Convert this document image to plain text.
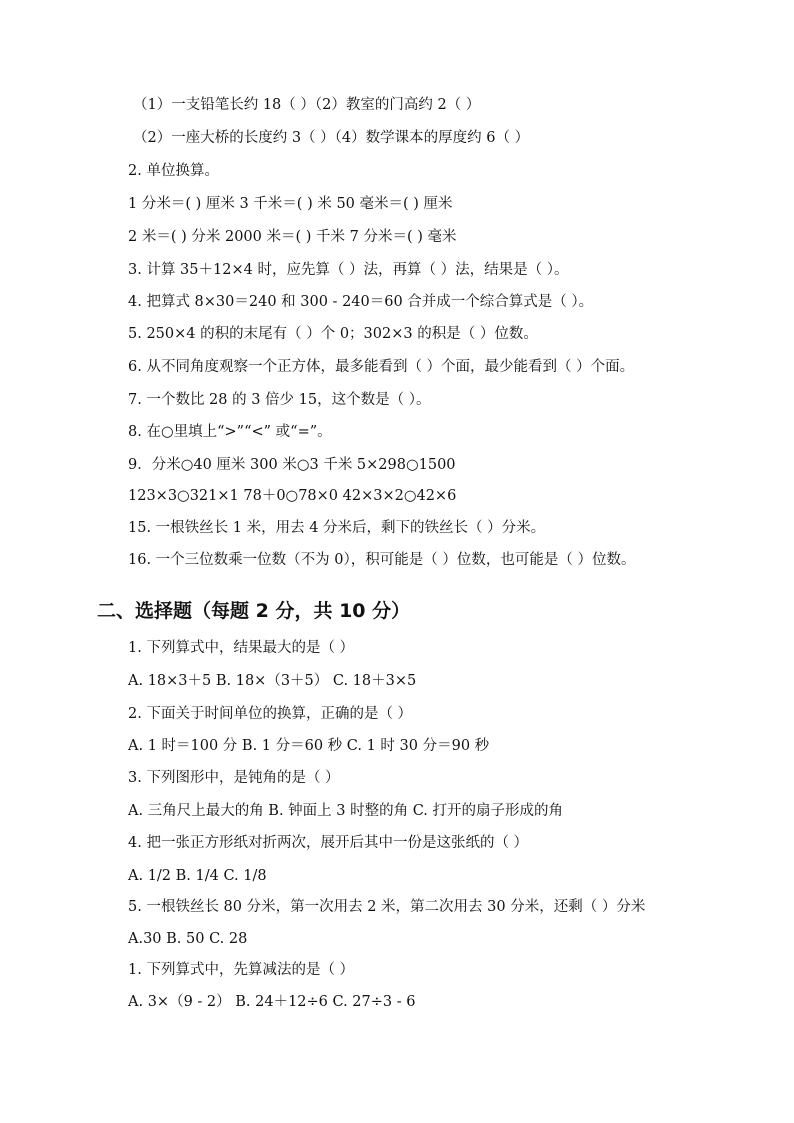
（1）一支铅笔长约 18（ ）（2）教室的门高约 2（ ）
（2）一座大桥的长度约 3（ ）（4）数学课本的厚度约 6（ ）
2. 单位换算。
1 分米＝( ) 厘米 3 千米＝( ) 米 50 毫米＝( ) 厘米
2 米＝( ) 分米 2000 米＝( ) 千米 7 分米＝( ) 毫米
3. 计算 35＋12×4 时，应先算（ ）法，再算（ ）法，结果是（ ）。
4. 把算式 8×30＝240 和 300 - 240＝60 合并成一个综合算式是（ ）。
5. 250×4 的积的末尾有（ ）个 0；302×3 的积是（ ）位数。
6. 从不同角度观察一个正方体，最多能看到（ ）个面，最少能看到（ ）个面。
7. 一个数比 28 的 3 倍少 15，这个数是（ ）。
8. 在○里填上“>”“<” 或“=”。
9．分米○40 厘米 300 米○3 千米 5×298○1500
123×3○321×1 78＋0○78×0 42×3×2○42×6
15. 一根铁丝长 1 米，用去 4 分米后，剩下的铁丝长（ ）分米。
16. 一个三位数乘一位数（不为 0），积可能是（ ）位数，也可能是（ ）位数。
二、选择题（每题 2 分，共 10 分）
1. 下列算式中，结果最大的是（ ）
A. 18×3＋5 B. 18×（3＋5） C. 18＋3×5
2. 下面关于时间单位的换算，正确的是（ ）
A. 1 时＝100 分 B. 1 分＝60 秒 C. 1 时 30 分＝90 秒
3. 下列图形中，是钝角的是（ ）
A. 三角尺上最大的角 B. 钟面上 3 时整的角 C. 打开的扇子形成的角
4. 把一张正方形纸对折两次，展开后其中一份是这张纸的（ ）
A. 1/2 B. 1/4 C. 1/8
5. 一根铁丝长 80 分米，第一次用去 2 米，第二次用去 30 分米，还剩（ ）分米
A.30 B. 50 C. 28
1. 下列算式中，先算减法的是（ ）
A. 3×（9 - 2） B. 24＋12÷6 C. 27÷3 - 6
